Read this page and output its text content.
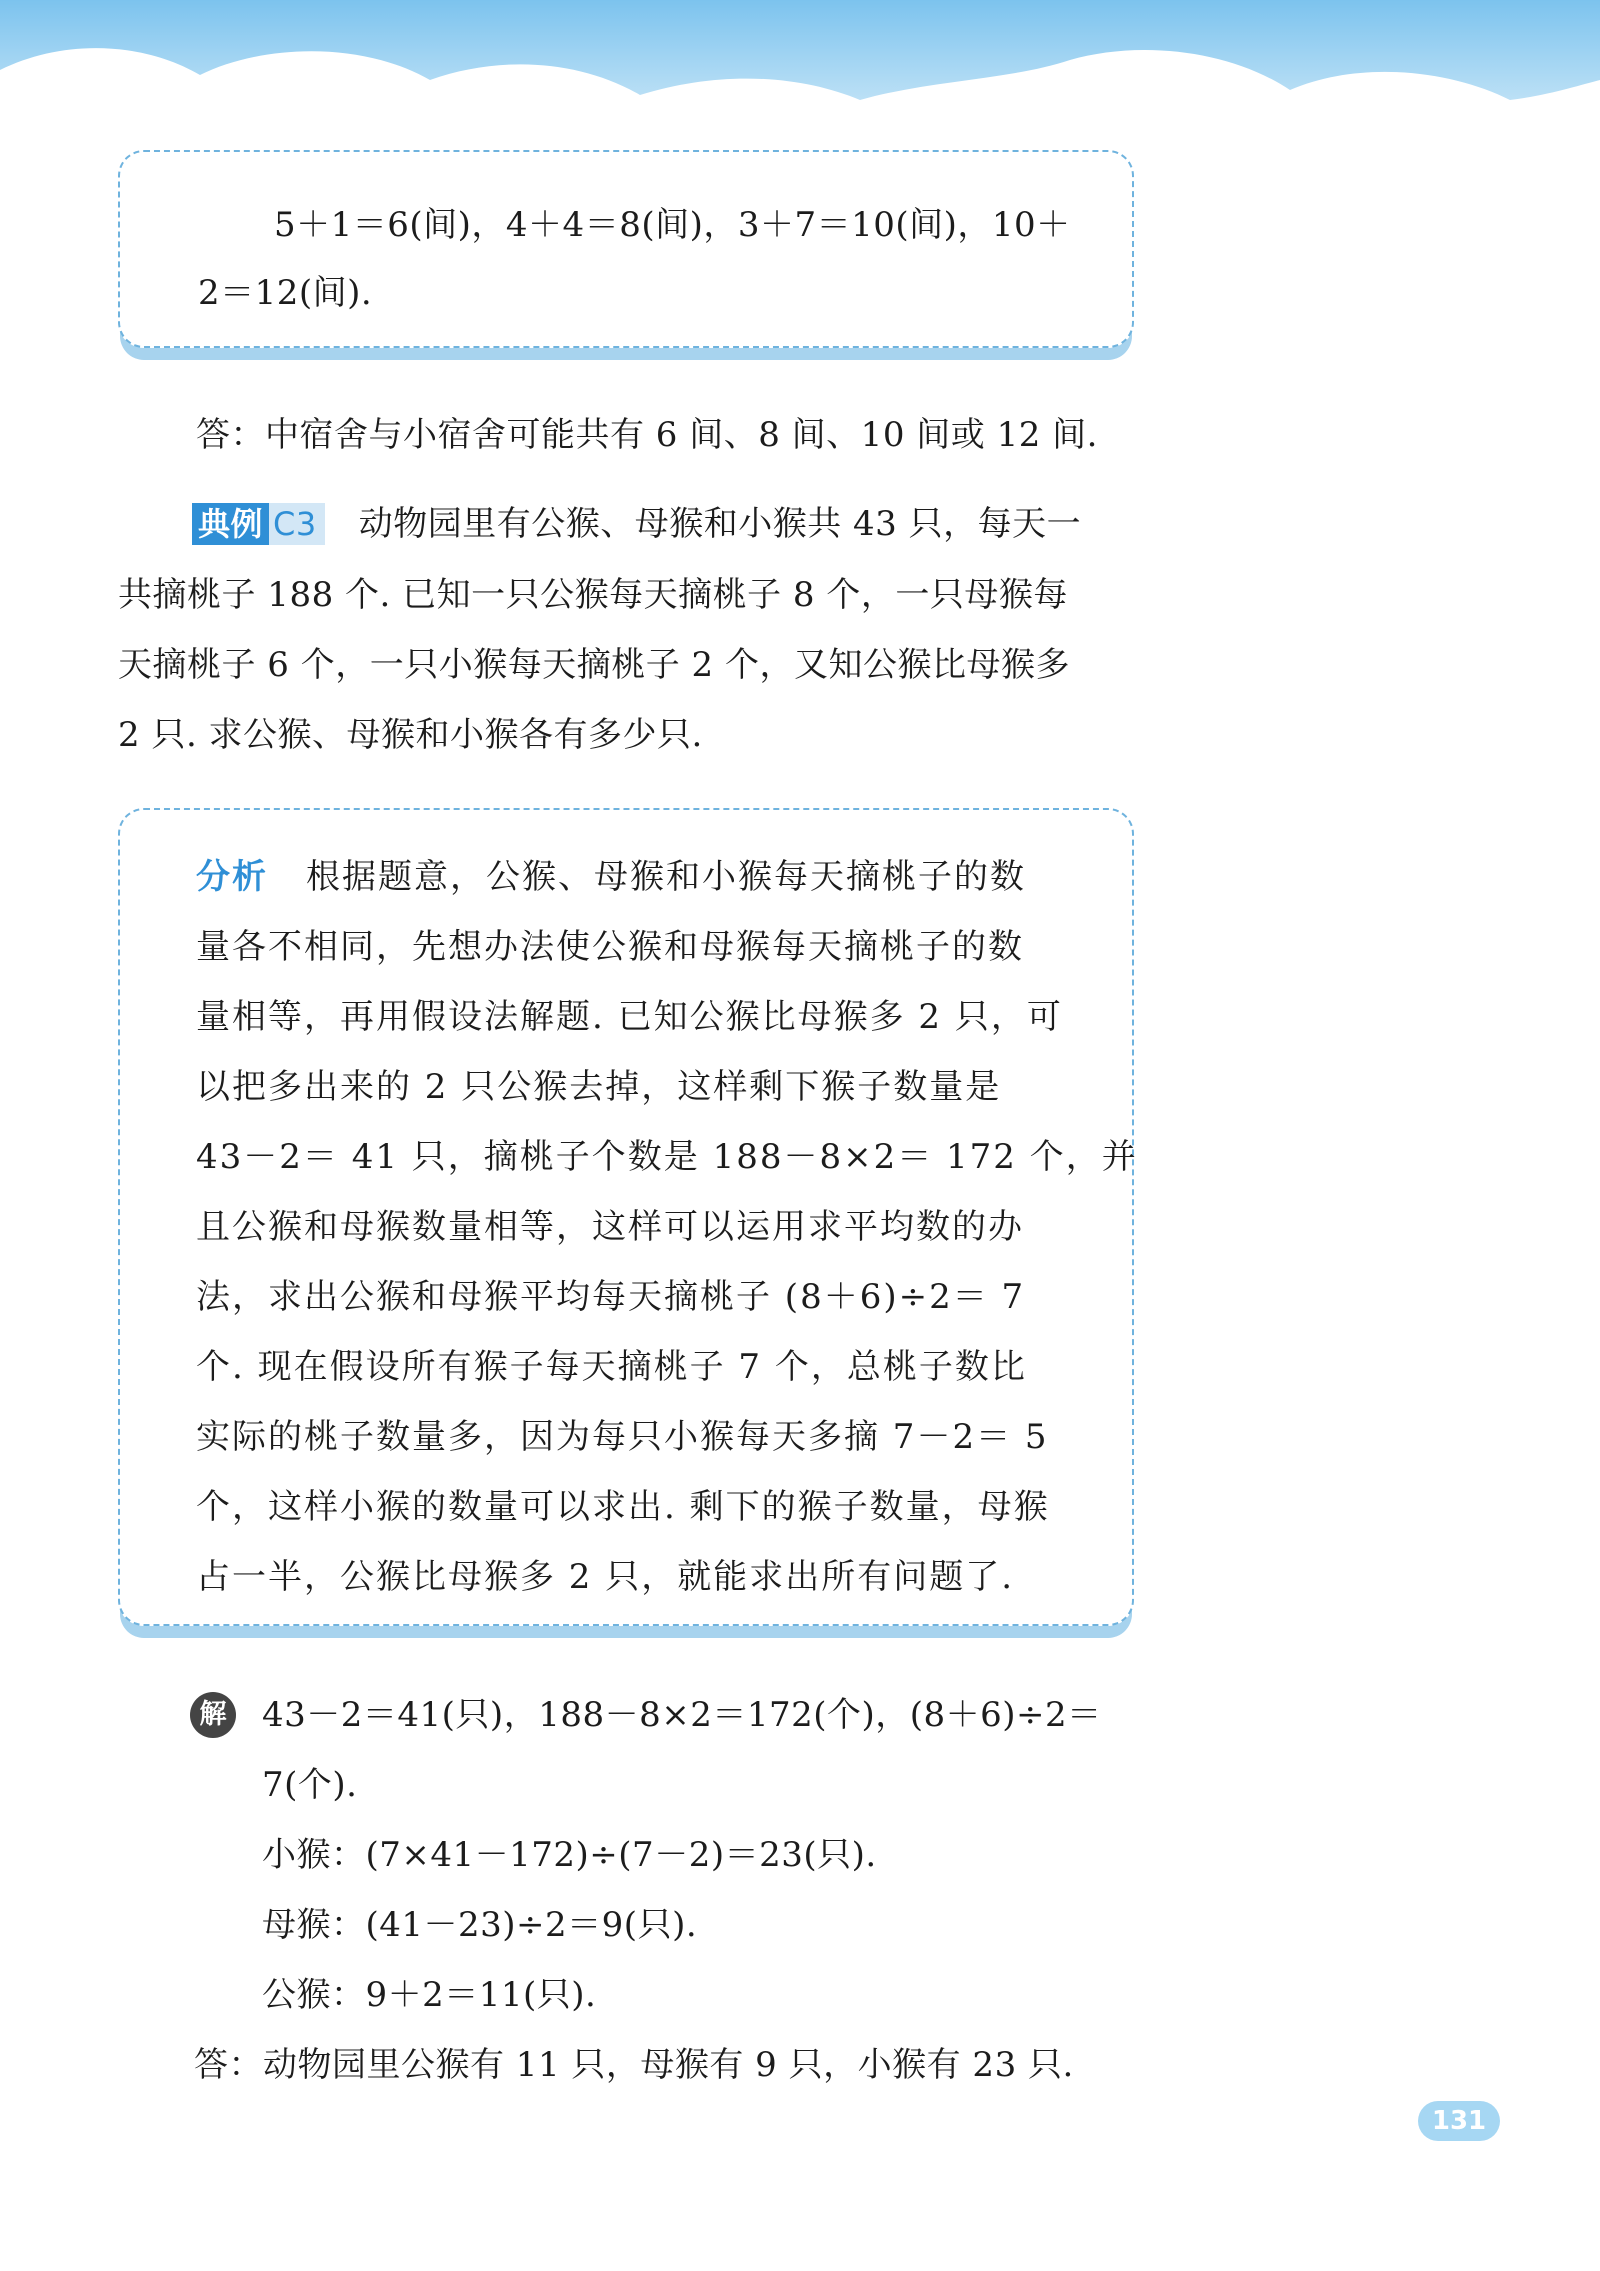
5＋1＝6(间)，4＋4＝8(间)，3＋7＝10(间)，10＋
2＝12(间).
答：中宿舍与小宿舍可能共有 6 间、8 间、10 间或 12 间.
典例 C3 动物园里有公猴、母猴和小猴共 43 只，每天一
共摘桃子 188 个. 已知一只公猴每天摘桃子 8 个，一只母猴每
天摘桃子 6 个，一只小猴每天摘桃子 2 个，又知公猴比母猴多
2 只. 求公猴、母猴和小猴各有多少只.
分析 根据题意，公猴、母猴和小猴每天摘桃子的数
量各不相同，先想办法使公猴和母猴每天摘桃子的数
量相等，再用假设法解题. 已知公猴比母猴多 2 只，可
以把多出来的 2 只公猴去掉，这样剩下猴子数量是
43－2＝ 41 只，摘桃子个数是 188－8×2＝ 172 个，并
且公猴和母猴数量相等，这样可以运用求平均数的办
法，求出公猴和母猴平均每天摘桃子 (8＋6)÷2＝ 7
个. 现在假设所有猴子每天摘桃子 7 个，总桃子数比
实际的桃子数量多，因为每只小猴每天多摘 7－2＝ 5
个，这样小猴的数量可以求出. 剩下的猴子数量，母猴
占一半，公猴比母猴多 2 只，就能求出所有问题了.
解 43－2＝41(只)，188－8×2＝172(个)，(8＋6)÷2＝
7(个).
小猴：(7×41－172)÷(7－2)＝23(只).
母猴：(41－23)÷2＝9(只).
公猴：9＋2＝11(只).
答：动物园里公猴有 11 只，母猴有 9 只，小猴有 23 只.
131
